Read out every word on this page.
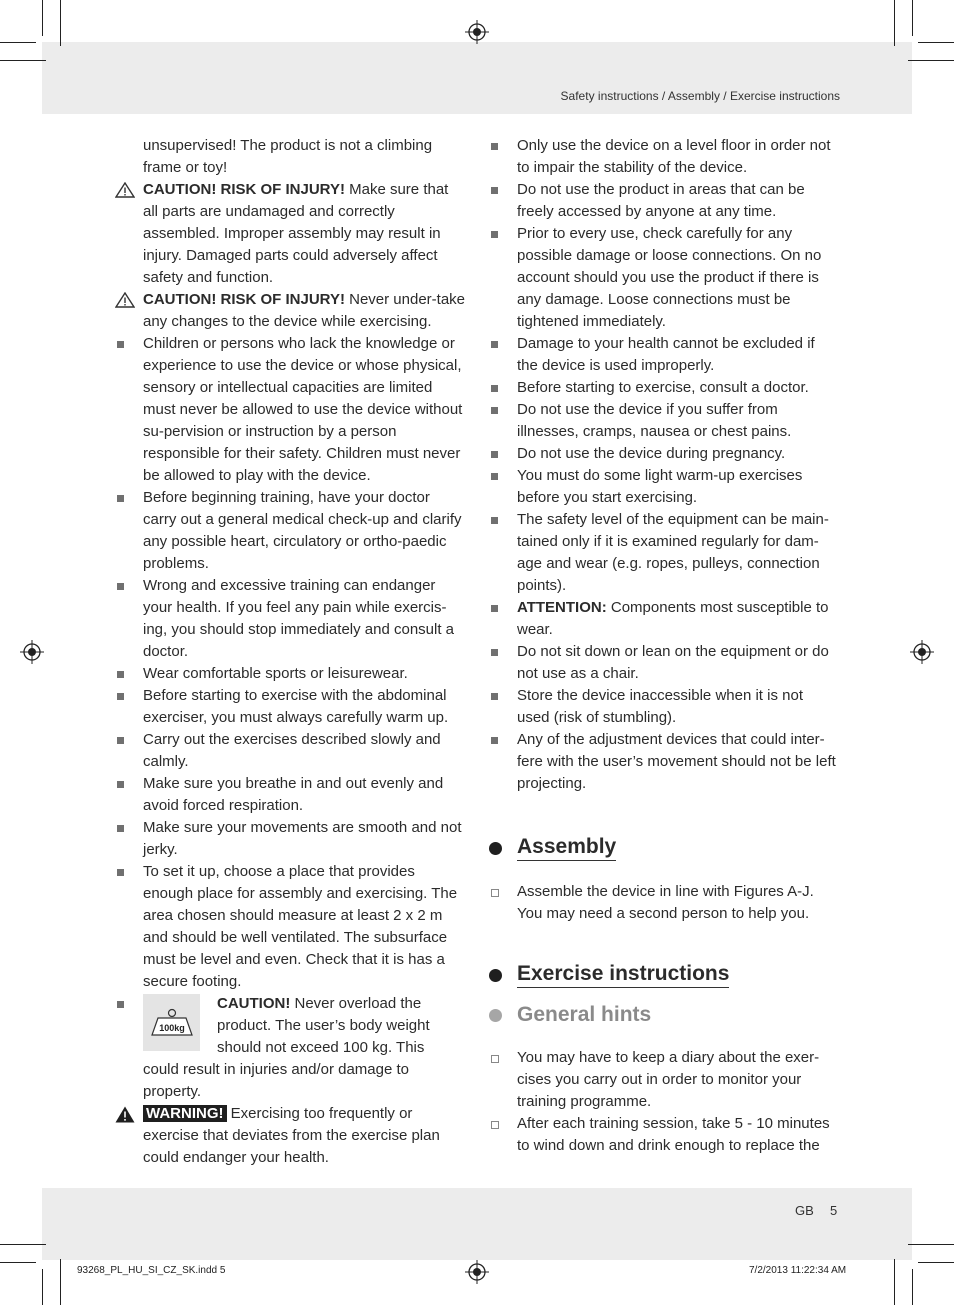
Safety instructions / Assembly / Exercise instructions
GB 5
93268_PL_HU_SI_CZ_SK.indd 5	7/2/2013 11:22:34 AM
unsupervised! The product is not a climbing frame or toy!
CAUTION! RISK OF INJURY! Make sure that all parts are undamaged and correctly assembled. Improper assembly may result in injury. Damaged parts could adversely affect safety and function.
CAUTION! RISK OF INJURY! Never under-take any changes to the device while exercising.
Children or persons who lack the knowledge or experience to use the device or whose physical, sensory or intellectual capacities are limited must never be allowed to use the device without su-pervision or instruction by a person responsible for their safety. Children must never be allowed to play with the device.
Before beginning training, have your doctor carry out a general medical check-up and clarify any possible heart, circulatory or ortho-paedic problems.
Wrong and excessive training can endanger your health. If you feel any pain while exercis-ing, you should stop immediately and consult a doctor.
Wear comfortable sports or leisurewear.
Before starting to exercise with the abdominal exerciser, you must always carefully warm up.
Carry out the exercises described slowly and calmly.
Make sure you breathe in and out evenly and avoid forced respiration.
Make sure your movements are smooth and not jerky.
To set it up, choose a place that provides enough place for assembly and exercising. The area chosen should measure at least 2 x 2 m and should be well ventilated. The subsurface must be level and even. Check that it is has a secure footing.
100kg
CAUTION! Never overload the product. The user’s body weight should not exceed 100 kg. This
could result in injuries and/or damage to property.
WARNING! Exercising too frequently or exercise that deviates from the exercise plan could endanger your health.
Only use the device on a level floor in order not to impair the stability of the device.
Do not use the product in areas that can be freely accessed by anyone at any time.
Prior to every use, check carefully for any possible damage or loose connections. On no account should you use the product if there is any damage. Loose connections must be tightened immediately.
Damage to your health cannot be excluded if the device is used improperly.
Before starting to exercise, consult a doctor.
Do not use the device if you suffer from illnesses, cramps, nausea or chest pains.
Do not use the device during pregnancy.
You must do some light warm-up exercises before you start exercising.
The safety level of the equipment can be main-tained only if it is examined regularly for dam-age and wear (e.g. ropes, pulleys, connection points).
ATTENTION: Components most susceptible to wear.
Do not sit down or lean on the equipment or do not use as a chair.
Store the device inaccessible when it is not used (risk of stumbling).
Any of the adjustment devices that could inter-fere with the user’s movement should not be left projecting.
Assembly
Assemble the device in line with Figures A-J. You may need a second person to help you.
Exercise instructions
General hints
You may have to keep a diary about the exer-cises you carry out in order to monitor your training programme.
After each training session, take 5 - 10 minutes to wind down and drink enough to replace the
